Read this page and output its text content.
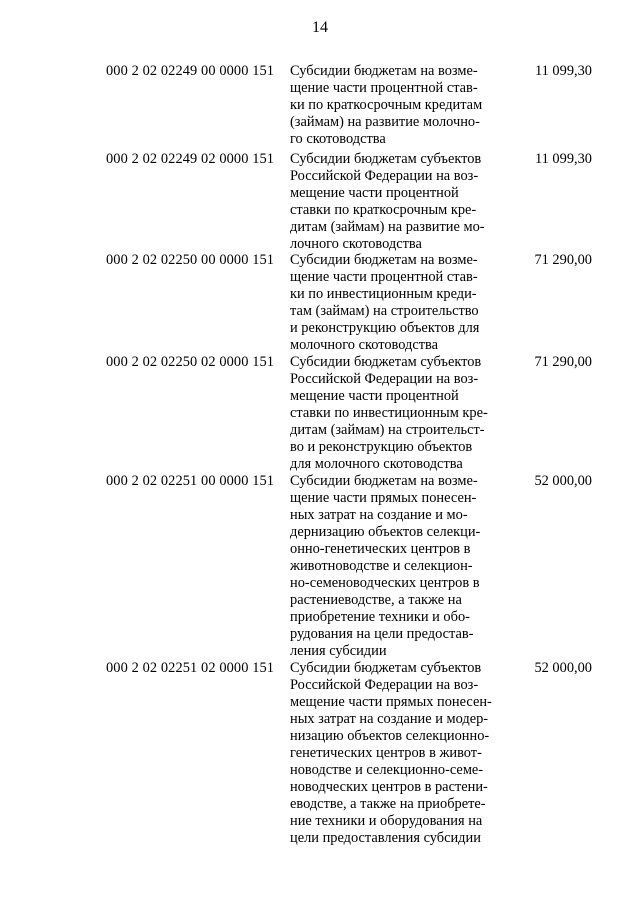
14
000 2 02 02249 00 0000 151 Субсидии бюджетам на возме-
щение части процентной став-
ки по краткосрочным кредитам
(займам) на развитие молочно-
го скотоводства
11 099,30
000 2 02 02249 02 0000 151 Субсидии бюджетам субъектов
Российской Федерации на воз-
мещение части процентной
ставки по краткосрочным кре-
дитам (займам) на развитие мо-
лочного скотоводства
11 099,30
000 2 02 02250 00 0000 151 Субсидии бюджетам на возме-
щение части процентной став-
ки по инвестиционным креди-
там (займам) на строительство
и реконструкцию объектов для
молочного скотоводства
71 290,00
000 2 02 02250 02 0000 151 Субсидии бюджетам субъектов
Российской Федерации на воз-
мещение части процентной
ставки по инвестиционным кре-
дитам (займам) на строительст-
во и реконструкцию объектов
для молочного скотоводства
71 290,00
000 2 02 02251 00 0000 151 Субсидии бюджетам на возме-
щение части прямых понесен-
ных затрат на создание и мо-
дернизацию объектов селекци-
онно-генетических центров в
животноводстве и селекцион-
но-семеноводческих центров в
растениеводстве, а также на
приобретение техники и обо-
рудования на цели предостав-
ления субсидии
52 000,00
000 2 02 02251 02 0000 151 Субсидии бюджетам субъектов
Российской Федерации на воз-
мещение части прямых понесен-
ных затрат на создание и модер-
низацию объектов селекционно-
генетических центров в живот-
новодстве и селекционно-семе-
новодческих центров в растени-
еводстве, а также на приобрете-
ние техники и оборудования на
цели предоставления субсидии
52 000,00
